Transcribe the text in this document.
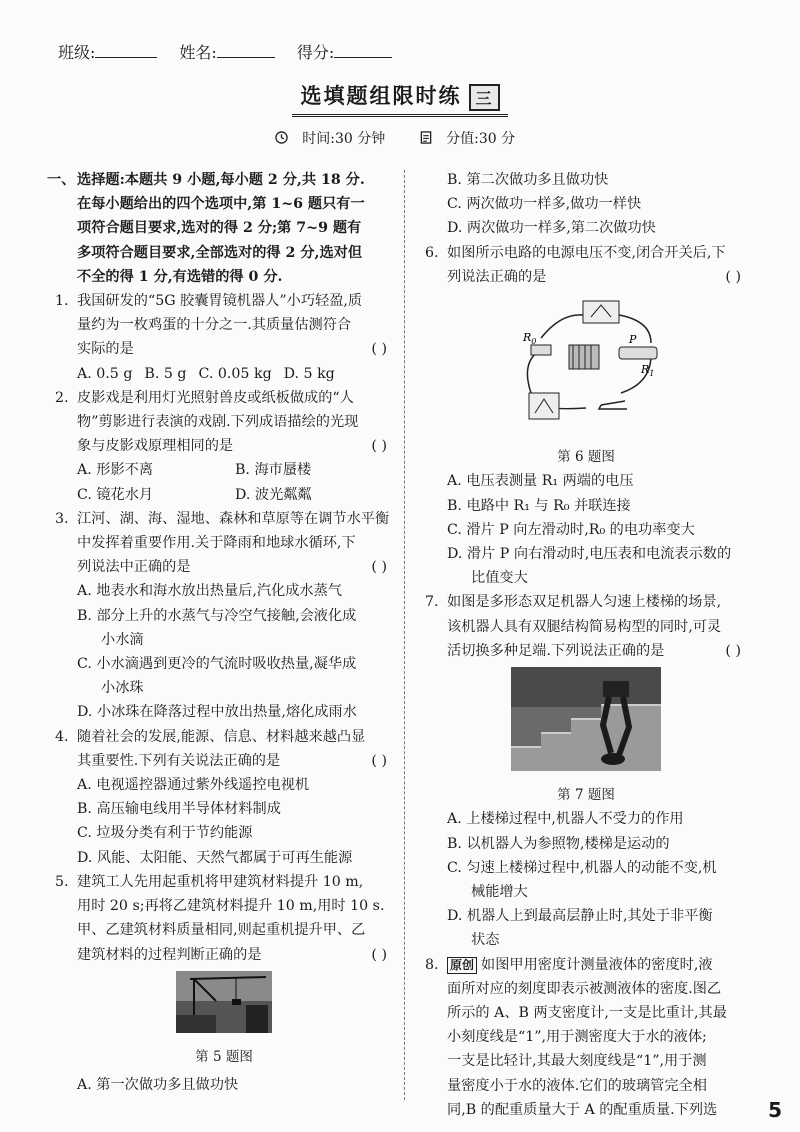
班级:	姓名:	得分:
选填题组限时练 三
时间:30 分钟	分值:30 分
一、 选择题:本题共 9 小题,每小题 2 分,共 18 分.
在每小题给出的四个选项中,第 1~6 题只有一
项符合题目要求,选对的得 2 分;第 7~9 题有
多项符合题目要求,全部选对的得 2 分,选对但
不全的得 1 分,有选错的得 0 分.
1. 我国研发的“5G 胶囊胃镜机器人”小巧轻盈,质
量约为一枚鸡蛋的十分之一.其质量估测符合
实际的是	( )
A. 0.5 g B. 5 g C. 0.05 kg D. 5 kg
2. 皮影戏是利用灯光照射兽皮或纸板做成的“人
物”剪影进行表演的戏剧.下列成语描绘的光现
象与皮影戏原理相同的是	( )
A. 形影不离	B. 海市蜃楼
C. 镜花水月	D. 波光粼粼
3. 江河、湖、海、湿地、森林和草原等在调节水平衡
中发挥着重要作用.关于降雨和地球水循环,下
列说法中正确的是	( )
A. 地表水和海水放出热量后,汽化成水蒸气
B. 部分上升的水蒸气与冷空气接触,会液化成
小水滴
C. 小水滴遇到更冷的气流时吸收热量,凝华成
小冰珠
D. 小冰珠在降落过程中放出热量,熔化成雨水
4. 随着社会的发展,能源、信息、材料越来越凸显
其重要性.下列有关说法正确的是	( )
A. 电视遥控器通过紫外线遥控电视机
B. 高压输电线用半导体材料制成
C. 垃圾分类有利于节约能源
D. 风能、太阳能、天然气都属于可再生能源
5. 建筑工人先用起重机将甲建筑材料提升 10 m,
用时 20 s;再将乙建筑材料提升 10 m,用时 10 s.
甲、乙建筑材料质量相同,则起重机提升甲、乙
建筑材料的过程判断正确的是	( )
第 5 题图
A. 第一次做功多且做功快
B. 第二次做功多且做功快
C. 两次做功一样多,做功一样快
D. 两次做功一样多,第二次做功快
6. 如图所示电路的电源电压不变,闭合开关后,下
列说法正确的是	( )
$R_0$	P
$R_1$
第 6 题图
A. 电压表测量 R₁ 两端的电压
B. 电路中 R₁ 与 R₀ 并联连接
C. 滑片 P 向左滑动时,R₀ 的电功率变大
D. 滑片 P 向右滑动时,电压表和电流表示数的
比值变大
7. 如图是多形态双足机器人匀速上楼梯的场景,
该机器人具有双腿结构简易构型的同时,可灵
活切换多种足端.下列说法正确的是	( )
第 7 题图
A. 上楼梯过程中,机器人不受力的作用
B. 以机器人为参照物,楼梯是运动的
C. 匀速上楼梯过程中,机器人的动能不变,机
械能增大
D. 机器人上到最高层静止时,其处于非平衡
状态
8. 原创 如图甲用密度计测量液体的密度时,液
面所对应的刻度即表示被测液体的密度.图乙
所示的 A、B 两支密度计,一支是比重计,其最
小刻度线是“1”,用于测密度大于水的液体;
一支是比轻计,其最大刻度线是“1”,用于测
量密度小于水的液体.它们的玻璃管完全相
同,B 的配重质量大于 A 的配重质量.下列选	5
